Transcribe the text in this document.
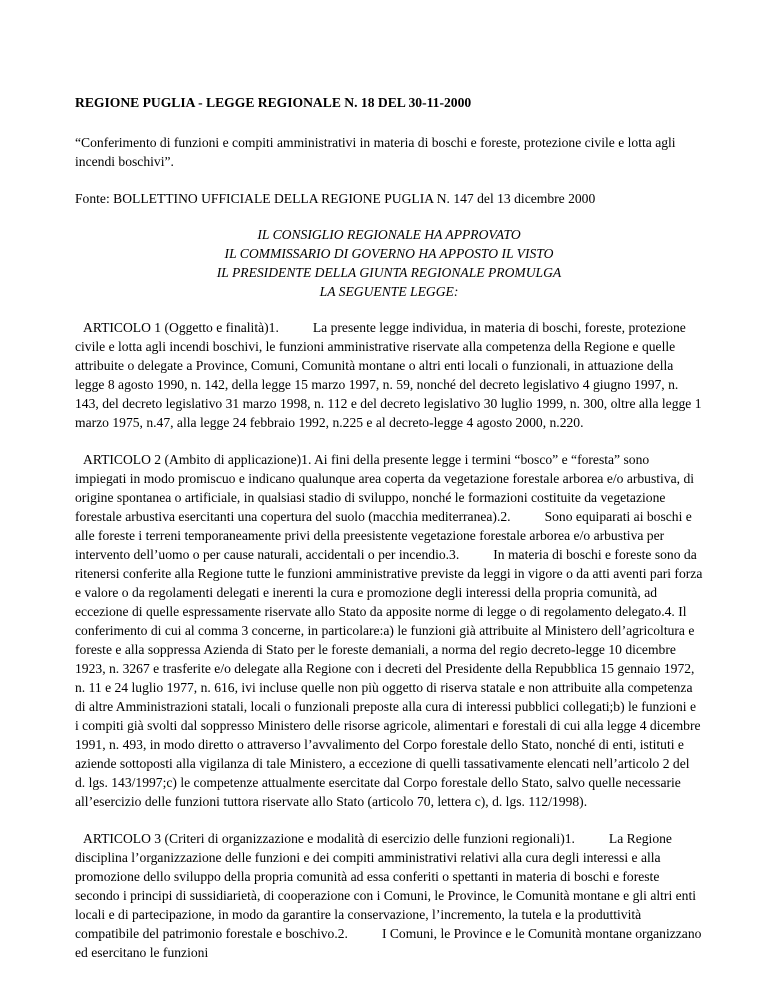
REGIONE PUGLIA - LEGGE REGIONALE N. 18 DEL 30-11-2000

“Conferimento di funzioni e compiti amministrativi in materia di boschi e foreste, protezione civile e lotta agli incendi boschivi”.

Fonte: BOLLETTINO UFFICIALE DELLA REGIONE PUGLIA N. 147 del 13 dicembre 2000

IL CONSIGLIO REGIONALE HA APPROVATO
IL COMMISSARIO DI GOVERNO HA APPOSTO IL VISTO
IL PRESIDENTE DELLA GIUNTA REGIONALE PROMULGA
LA SEGUENTE LEGGE:

ARTICOLO 1 (Oggetto e finalità)1.	La presente legge individua, in materia di boschi, foreste, protezione civile e lotta agli incendi boschivi, le funzioni amministrative riservate alla competenza della Regione e quelle attribuite o delegate a Province, Comuni, Comunità montane o altri enti locali o funzionali, in attuazione della legge 8 agosto 1990, n. 142, della legge 15 marzo 1997, n. 59, nonché del decreto legislativo 4 giugno 1997, n. 143, del decreto legislativo 31 marzo 1998, n. 112 e del decreto legislativo 30 luglio 1999, n. 300, oltre alla legge 1 marzo 1975, n.47, alla legge 24 febbraio 1992, n.225 e al decreto-legge 4 agosto 2000, n.220.

ARTICOLO 2 (Ambito di applicazione)1. Ai fini della presente legge i termini “bosco” e “foresta” sono impiegati in modo promiscuo e indicano qualunque area coperta da vegetazione forestale arborea e/o arbustiva, di origine spontanea o artificiale, in qualsiasi stadio di sviluppo, nonché le formazioni costituite da vegetazione forestale arbustiva esercitanti una copertura del suolo (macchia mediterranea).2.	Sono equiparati ai boschi e alle foreste i terreni temporaneamente privi della preesistente vegetazione forestale arborea e/o arbustiva per intervento dell’uomo o per cause naturali, accidentali o per incendio.3.	In materia di boschi e foreste sono da ritenersi conferite alla Regione tutte le funzioni amministrative previste da leggi in vigore o da atti aventi pari forza e valore o da regolamenti delegati e inerenti la cura e promozione degli interessi della propria comunità, ad eccezione di quelle espressamente riservate allo Stato da apposite norme di legge o di regolamento delegato.4. Il conferimento di cui al comma 3 concerne, in particolare:a) le funzioni già attribuite al Ministero dell’agricoltura e foreste e alla soppressa Azienda di Stato per le foreste demaniali, a norma del regio decreto-legge 10 dicembre 1923, n. 3267 e trasferite e/o delegate alla Regione con i decreti del Presidente della Repubblica 15 gennaio 1972, n. 11 e 24 luglio 1977, n. 616, ivi incluse quelle non più oggetto di riserva statale e non attribuite alla competenza di altre Amministrazioni statali, locali o funzionali preposte alla cura di interessi pubblici collegati;b) le funzioni e i compiti già svolti dal soppresso Ministero delle risorse agricole, alimentari e forestali di cui alla legge 4 dicembre 1991, n. 493, in modo diretto o attraverso l’avvalimento del Corpo forestale dello Stato, nonché di enti, istituti e aziende sottoposti alla vigilanza di tale Ministero, a eccezione di quelli tassativamente elencati nell’articolo 2 del d. lgs. 143/1997;c) le competenze attualmente esercitate dal Corpo forestale dello Stato, salvo quelle necessarie all’esercizio delle funzioni tuttora riservate allo Stato (articolo 70, lettera c), d. lgs. 112/1998).

ARTICOLO 3 (Criteri di organizzazione e modalità di esercizio delle funzioni regionali)1.	La Regione disciplina l’organizzazione delle funzioni e dei compiti amministrativi relativi alla cura degli interessi e alla promozione dello sviluppo della propria comunità ad essa conferiti o spettanti in materia di boschi e foreste secondo i principi di sussidiarietà, di cooperazione con i Comuni, le Province, le Comunità montane e gli altri enti locali e di partecipazione, in modo da garantire la conservazione, l’incremento, la tutela e la produttività compatibile del patrimonio forestale e boschivo.2.	I Comuni, le Province e le Comunità montane organizzano ed esercitano le funzioni
